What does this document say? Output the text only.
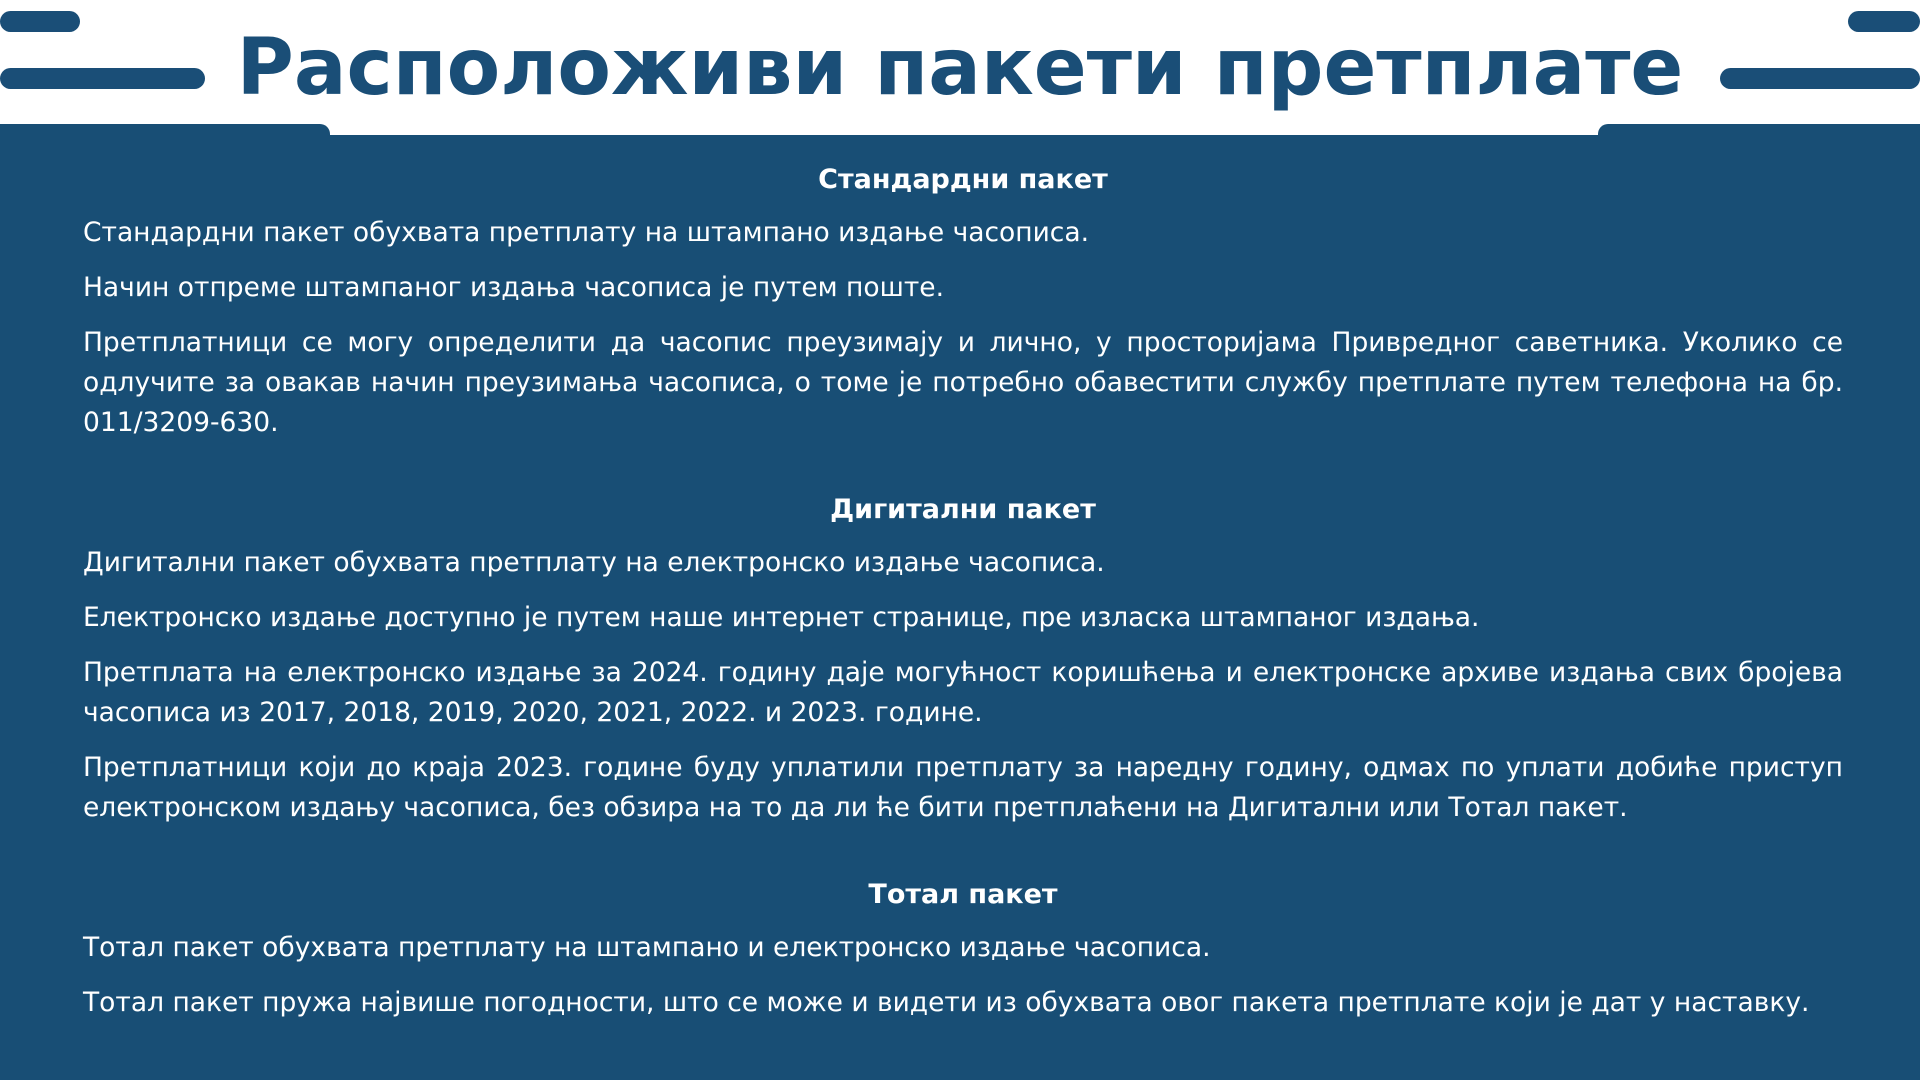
Расположиви пакети претплате
Стандардни пакет
Стандардни пакет обухвата претплату на штампано издање часописа.
Начин отпреме штампаног издања часописа је путем поште.
Претплатници се могу определити да часопис преузимају и лично, у просторијама Привредног саветника. Уколико се одлучите за овакав начин преузимања часописа, о томе је потребно обавестити службу претплате путем телефона на бр. 011/3209-630.
Дигитални пакет
Дигитални пакет обухвата претплату на електронско издање часописа.
Електронско издање доступно је путем наше интернет странице, пре изласка штампаног издања.
Претплата на електронско издање за 2024. годину даје могућност коришћења и електронске архиве издања свих бројева часописа из 2017, 2018, 2019, 2020, 2021, 2022. и 2023. године.
Претплатници који до краја 2023. године буду уплатили претплату за наредну годину, одмах по уплати добиће приступ електронском издању часописа, без обзира на то да ли ће бити претплаћени на Дигитални или Тотал пакет.
Тотал пакет
Тотал пакет обухвата претплату на штампано и електронско издање часописа.
Тотал пакет пружа највише погодности, што се може и видети из обухвата овог пакета претплате који је дат у наставку.
